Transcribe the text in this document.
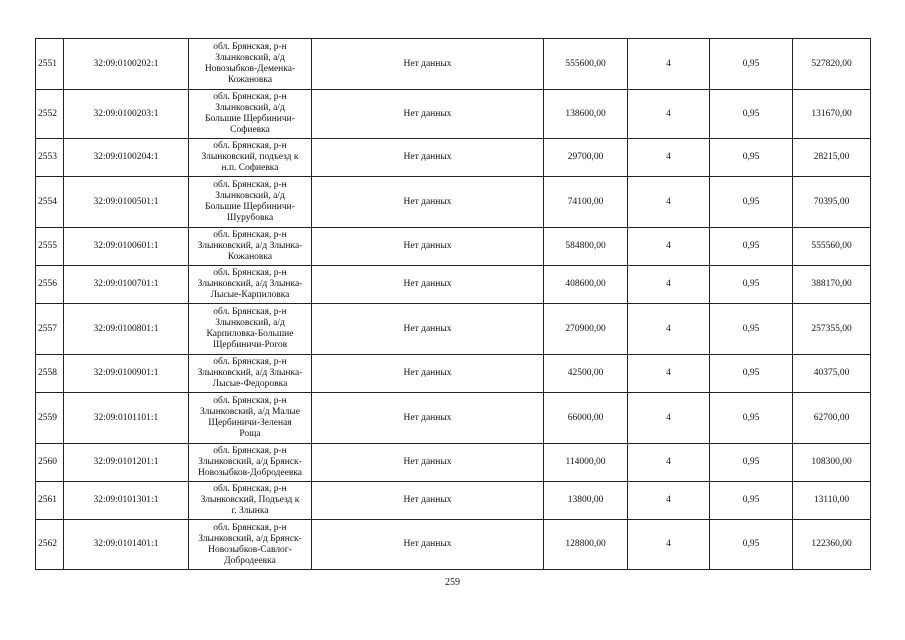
2551	32:09:0100202:1	обл. Брянская, р-н
Злынковский, а/д
Новозыбков-Деменка-
Кожановка	Нет данных	555600,00	4	0,95	527820,00
2552	32:09:0100203:1	обл. Брянская, р-н
Злынковский, а/д
Большие Щербиничи-
Софиевка	Нет данных	138600,00	4	0,95	131670,00
2553	32:09:0100204:1	обл. Брянская, р-н
Злынковский, подъезд к
н.п. Софиевка	Нет данных	29700,00	4	0,95	28215,00
2554	32:09:0100501:1	обл. Брянская, р-н
Злынковский, а/д
Большие Щербиничи-
Шурубовка	Нет данных	74100,00	4	0,95	70395,00
2555	32:09:0100601:1	обл. Брянская, р-н
Злынковский, а/д Злынка-
Кожановка	Нет данных	584800,00	4	0,95	555560,00
2556	32:09:0100701:1	обл. Брянская, р-н
Злынковский, а/д Злынка-
Лысые-Карпиловка	Нет данных	408600,00	4	0,95	388170,00
2557	32:09:0100801:1	обл. Брянская, р-н
Злынковский, а/д
Карпиловка-Большие
Щербиничи-Рогов	Нет данных	270900,00	4	0,95	257355,00
2558	32:09:0100901:1	обл. Брянская, р-н
Злынковский, а/д Злынка-
Лысые-Федоровка	Нет данных	42500,00	4	0,95	40375,00
2559	32:09:0101101:1	обл. Брянская, р-н
Злынковский, а/д Малые
Щербиничи-Зеленая
Роща	Нет данных	66000,00	4	0,95	62700,00
2560	32:09:0101201:1	обл. Брянская, р-н
Злынковский, а/д Брянск-
Новозыбков-Добродеевка	Нет данных	114000,00	4	0,95	108300,00
2561	32:09:0101301:1	обл. Брянская, р-н
Злынковский, Подъезд к
г. Злынка	Нет данных	13800,00	4	0,95	13110,00
2562	32:09:0101401:1	обл. Брянская, р-н
Злынковский, а/д Брянск-
Новозыбков-Савлог-
Добродеевка	Нет данных	128800,00	4	0,95	122360,00
259
